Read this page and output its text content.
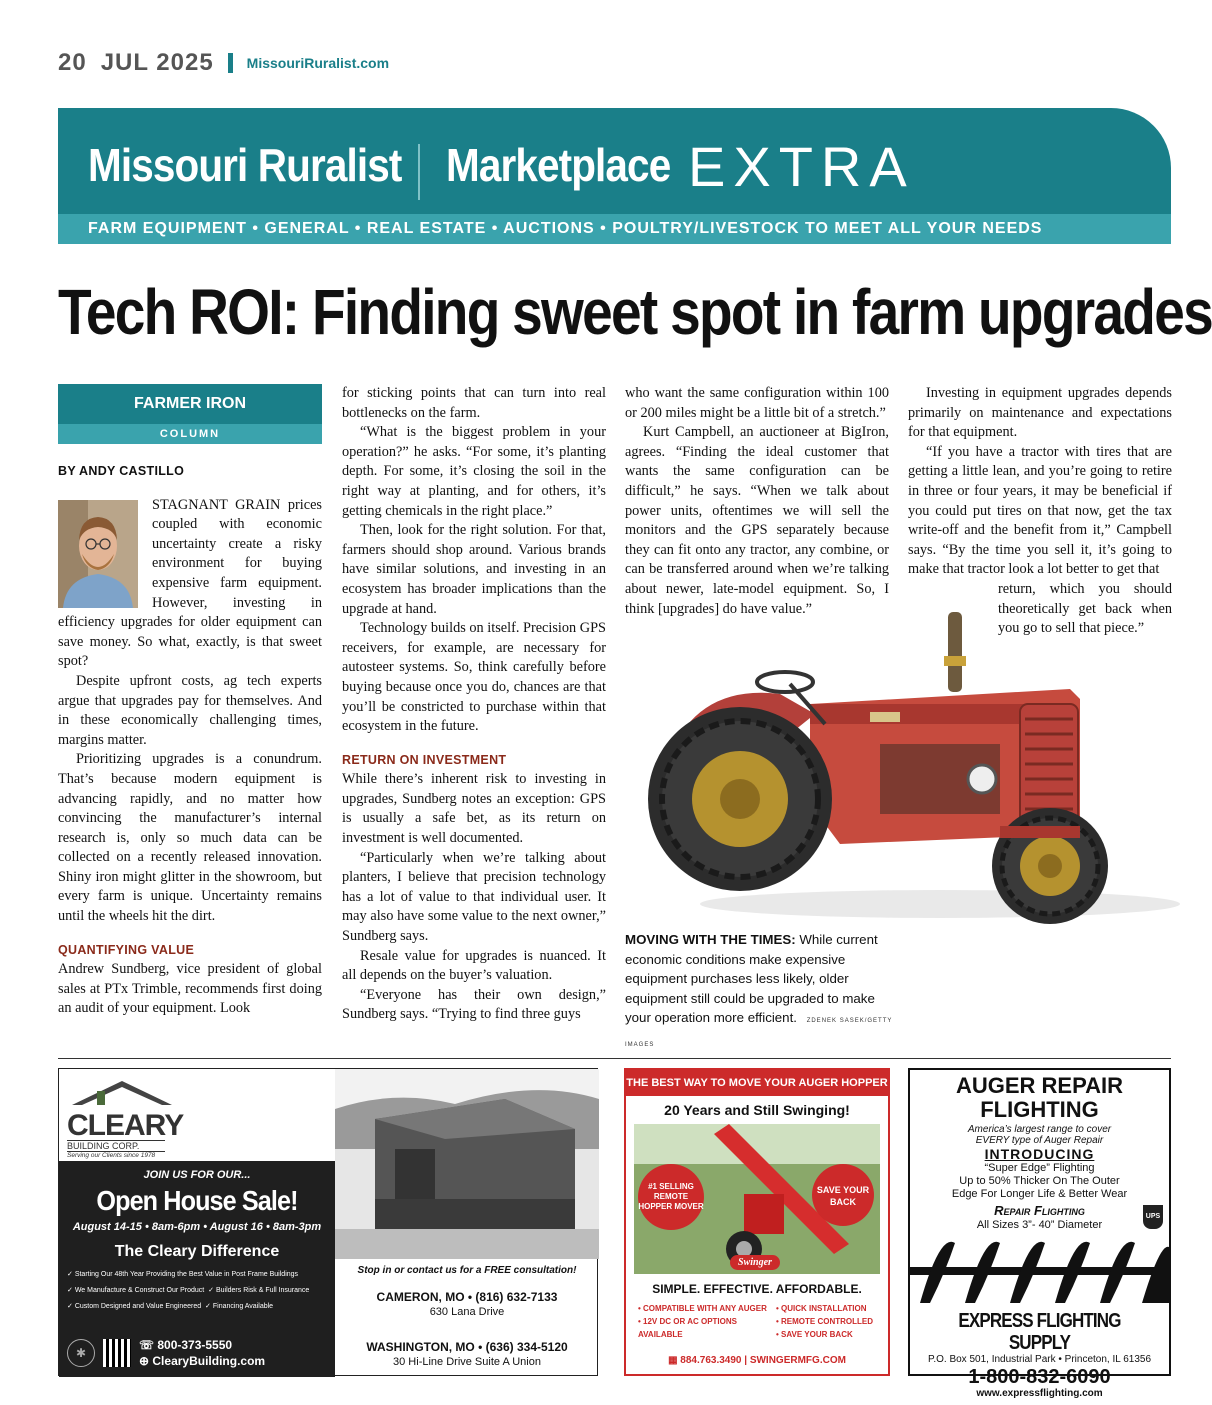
20 JUL 2025 MissouriRuralist.com
Missouri Ruralist Marketplace EXTRA
FARM EQUIPMENT • GENERAL • REAL ESTATE • AUCTIONS • POULTRY/LIVESTOCK TO MEET ALL YOUR NEEDS
Tech ROI: Finding sweet spot in farm upgrades
FARMER IRON
COLUMN
BY ANDY CASTILLO

STAGNANT GRAIN prices coupled with economic uncertainty create a risky environment for buying expensive farm equipment. However, investing in efficiency upgrades for older equipment can save money. So what, exactly, is that sweet spot?

Despite upfront costs, ag tech experts argue that upgrades pay for themselves. And in these economically challenging times, margins matter.

Prioritizing upgrades is a conundrum. That’s because modern equipment is advancing rapidly, and no matter how convincing the manufacturer’s internal research is, only so much data can be collected on a recently released innovation. Shiny iron might glitter in the showroom, but every farm is unique. Uncertainty remains until the wheels hit the dirt.

QUANTIFYING VALUE

Andrew Sundberg, vice president of global sales at PTx Trimble, recommends first doing an audit of your equipment. Look

for sticking points that can turn into real bottlenecks on the farm.

“What is the biggest problem in your operation?” he asks. “For some, it’s planting depth. For some, it’s closing the soil in the right way at planting, and for others, it’s getting chemicals in the right place.”

Then, look for the right solution. For that, farmers should shop around. Various brands have similar solutions, and investing in an ecosystem has broader implications than the upgrade at hand.

Technology builds on itself. Precision GPS receivers, for example, are necessary for autosteer systems. So, think carefully before buying because once you do, chances are that you’ll be constricted to purchase within that ecosystem in the future.

RETURN ON INVESTMENT

While there’s inherent risk to investing in upgrades, Sundberg notes an exception: GPS is usually a safe bet, as its return on investment is well documented.

“Particularly when we’re talking about planters, I believe that precision technology has a lot of value to that individual user. It may also have some value to the next owner,” Sundberg says.

Resale value for upgrades is nuanced. It all depends on the buyer’s valuation.

“Everyone has their own design,” Sundberg says. “Trying to find three guys

who want the same configuration within 100 or 200 miles might be a little bit of a stretch.”

Kurt Campbell, an auctioneer at BigIron, agrees. “Finding the ideal customer that wants the same configuration can be difficult,” he says. “When we talk about power units, oftentimes we will sell the monitors and the GPS separately because they can fit onto any tractor, any combine, or can be transferred around when we’re talking about newer, late-model equipment. So, I think [upgrades] do have value.”

Investing in equipment upgrades depends primarily on maintenance and expectations for that equipment.

“If you have a tractor with tires that are getting a little lean, and you’re going to retire in three or four years, it may be beneficial if you could put tires on that now, get the tax write-off and the benefit from it,” Campbell says. “By the time you sell it, it’s going to make that tractor look a lot better to get that

return, which you should theoretically get back when you go to sell that piece.”

MOVING WITH THE TIMES: While current economic conditions make expensive equipment purchases less likely, older equipment still could be upgraded to make your operation more efficient. ZDENEK SASEK/GETTY IMAGES
CLEARY
BUILDING CORP.
Serving our Clients since 1978
JOIN US FOR OUR...
Open House Sale!
August 14-15 • 8am-6pm • August 16 • 8am-3pm
The Cleary Difference
✓ Starting Our 48th Year Providing the Best Value in Post Frame Buildings
✓ We Manufacture & Construct Our Product  ✓ Builders Risk & Full Insurance
✓ Custom Designed and Value Engineered  ✓ Financing Available
✱
☏ 800-373-5550
⊕ ClearyBuilding.com
Stop in or contact us for a FREE consultation!
CAMERON, MO • (816) 632-7133
630 Lana Drive
WASHINGTON, MO • (636) 334-5120
30 Hi-Line Drive Suite A Union
THE BEST WAY TO MOVE YOUR AUGER HOPPER
20 Years and Still Swinging!
#1 SELLING REMOTE HOPPER MOVER
SAVE YOUR BACK
Swinger
SIMPLE. EFFECTIVE. AFFORDABLE.
• COMPATIBLE WITH ANY AUGER
• 12V DC OR AC OPTIONS AVAILABLE
• QUICK INSTALLATION
• REMOTE CONTROLLED
• SAVE YOUR BACK
▦ 884.763.3490 | SWINGERMFG.COM
AUGER REPAIR
FLIGHTING
America’s largest range to cover
EVERY type of Auger Repair
INTRODUCING
“Super Edge” Flighting
Up to 50% Thicker On The Outer
Edge For Longer Life & Better Wear
Repair Flighting
All Sizes 3”- 40” Diameter
UPS
EXPRESS FLIGHTING SUPPLY
P.O. Box 501, Industrial Park • Princeton, IL 61356
1-800-832-6090
www.expressflighting.com
